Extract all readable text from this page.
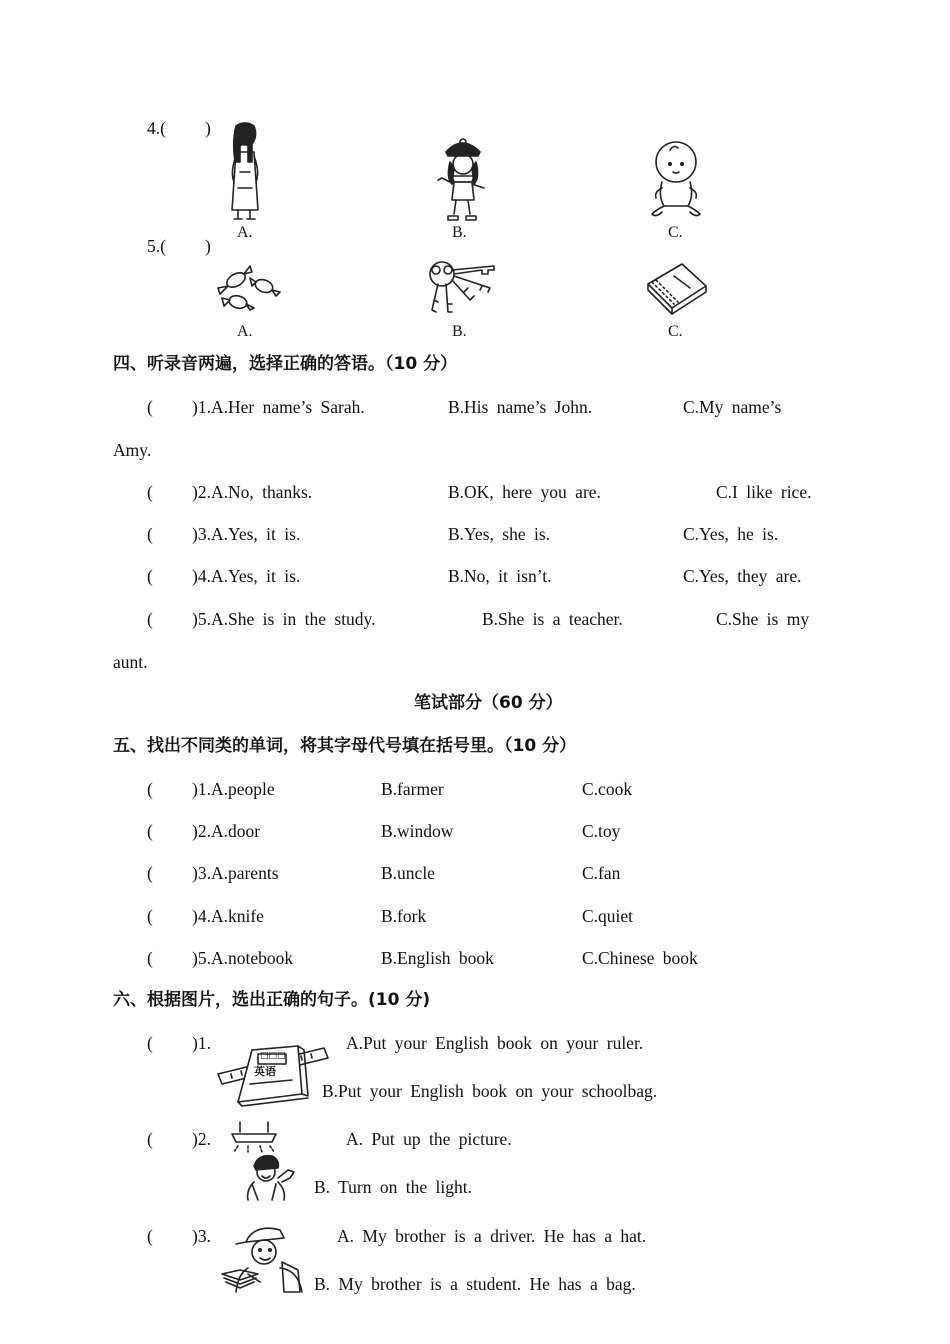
4.( )
A.	B.	C.
5.( )
A.	B.	C.
四、听录音两遍，选择正确的答语。（10 分）
( )1.A.Her name’s Sarah.	B.His name’s John.	C.My name’s
Amy.
( )2.A.No, thanks.	B.OK, here you are.	C.I like rice.
( )3.A.Yes, it is.	B.Yes, she is.	C.Yes, he is.
( )4.A.Yes, it is.	B.No, it isn’t.	C.Yes, they are.
( )5.A.She is in the study.	B.She is a teacher.	C.She is my
aunt.
笔试部分（60 分）
五、找出不同类的单词，将其字母代号填在括号里。（10 分）
( )1.A.people	B.farmer	C.cook
( )2.A.door	B.window	C.toy
( )3.A.parents	B.uncle	C.fan
( )4.A.knife	B.fork	C.quiet
( )5.A.notebook	B.English book	C.Chinese book
六、根据图片，选出正确的句子。(10 分)
( )1.	A.Put your English book on your ruler.
B.Put your English book on your schoolbag.
□□□
英语
( )2.	A. Put up the picture.
B. Turn on the light.
( )3.	A. My brother is a driver. He has a hat.
B. My brother is a student. He has a bag.
